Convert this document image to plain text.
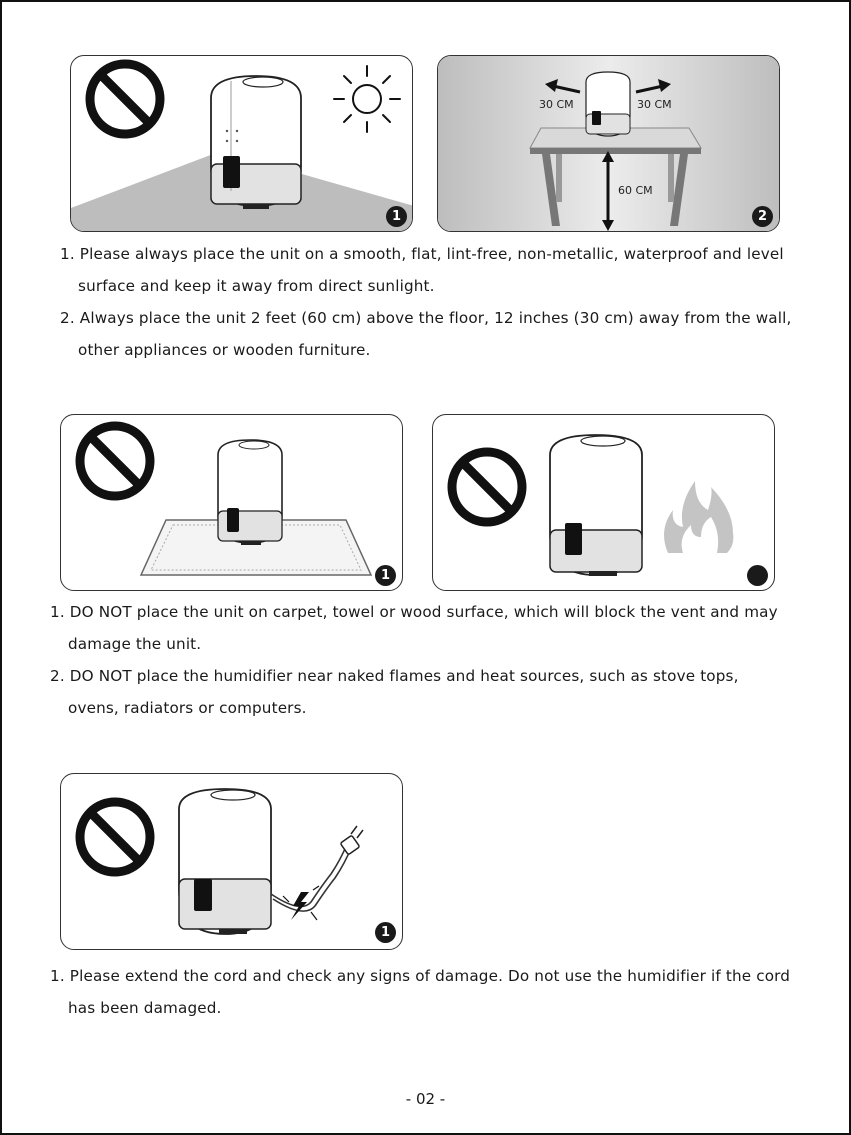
1
30 CM	30 CM
60 CM
2

1. Please always place the unit on a smooth, flat, lint-free, non-metallic, waterproof and level

surface and keep it away from direct sunlight.

2. Always place the unit 2 feet (60 cm) above the floor, 12 inches (30 cm) away from the wall,

other appliances or wooden furniture.

1

1. DO NOT place the unit on carpet, towel or wood surface, which will block the vent and may

damage the unit.

2. DO NOT place the humidifier near naked flames and heat sources, such as stove tops,

ovens, radiators or computers.

1

1. Please extend the cord and check any signs of damage. Do not use the humidifier if the cord

has been damaged.

- 02 -
